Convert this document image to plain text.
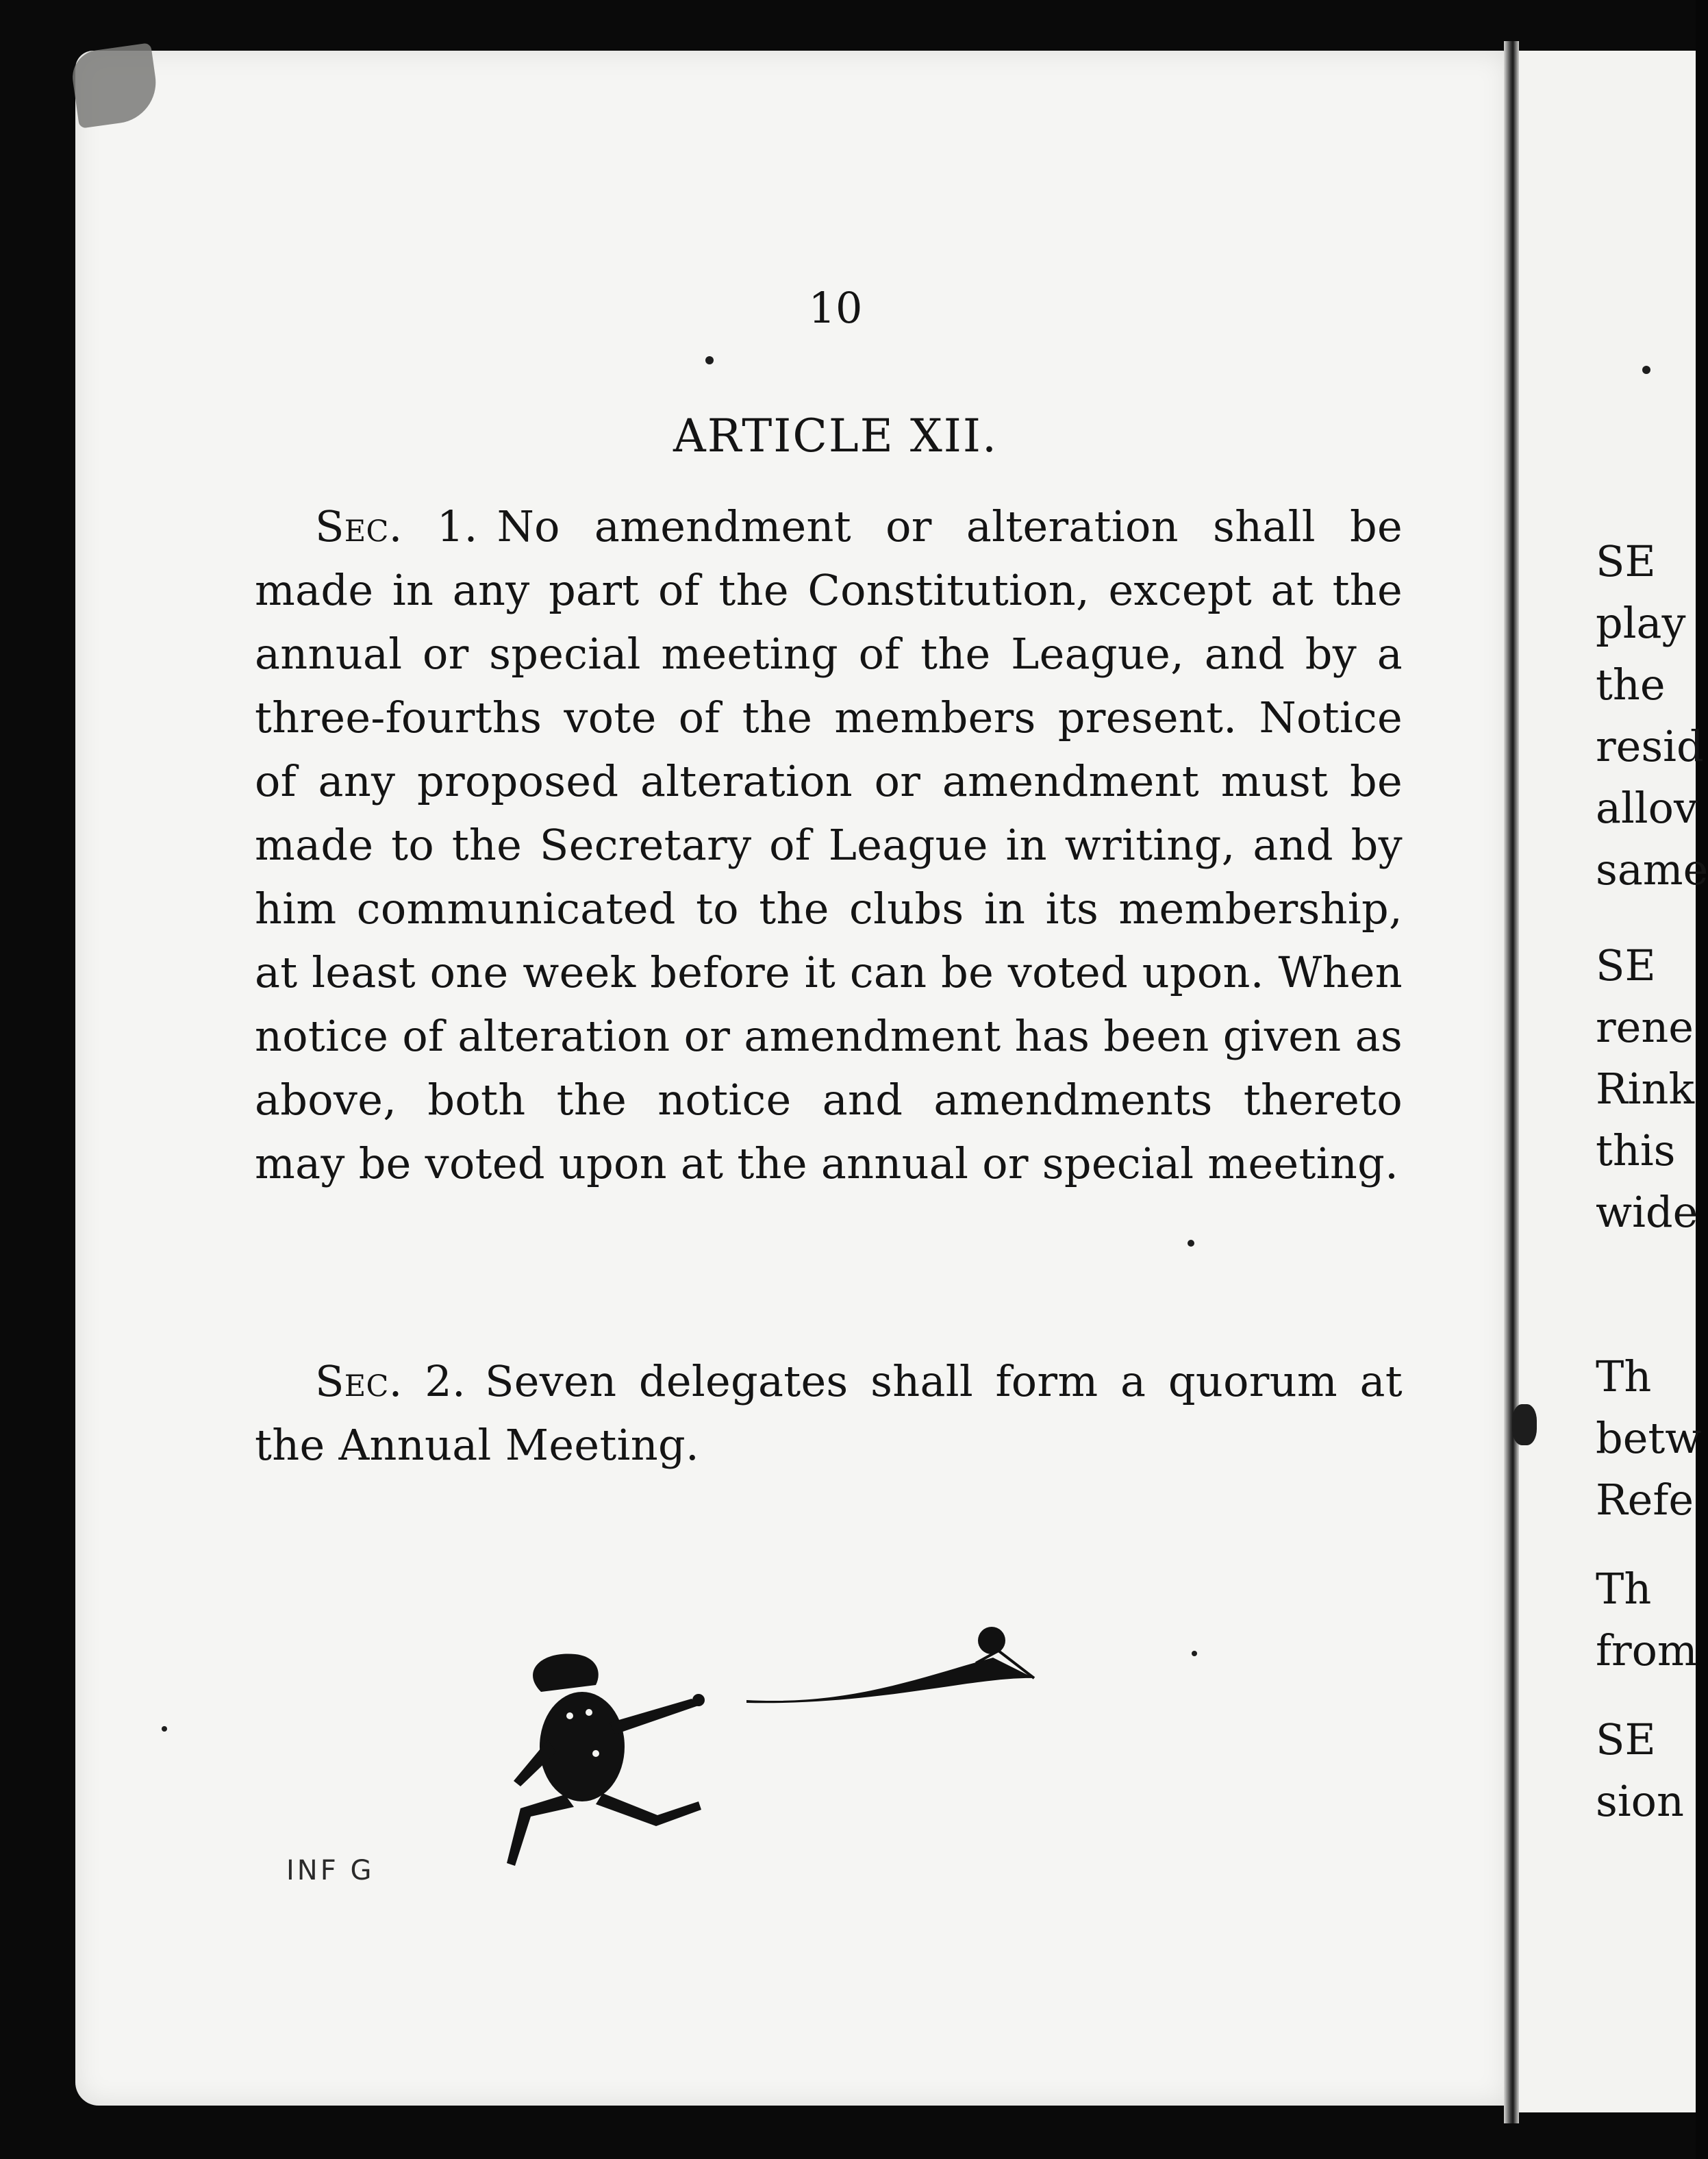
10
ARTICLE XII.
Sec. 1. No amendment or alteration shall be made in any part of the Constitution, except at the annual or special meeting of the League, and by a three-fourths vote of the members present. Notice of any proposed alteration or amendment must be made to the Secretary of League in writing, and by him communicated to the clubs in its membership, at least one week before it can be voted upon. When notice of alteration or amendment has been given as above, both the notice and amendments thereto may be voted upon at the annual or special meeting.
Sec. 2. Seven delegates shall form a quorum at the Annual Meeting.
INF G
SE
play
the
resid
allov
same
SE
rene
Rink
this
wide
Th
betw
Refe
Th
from
SE
sion
